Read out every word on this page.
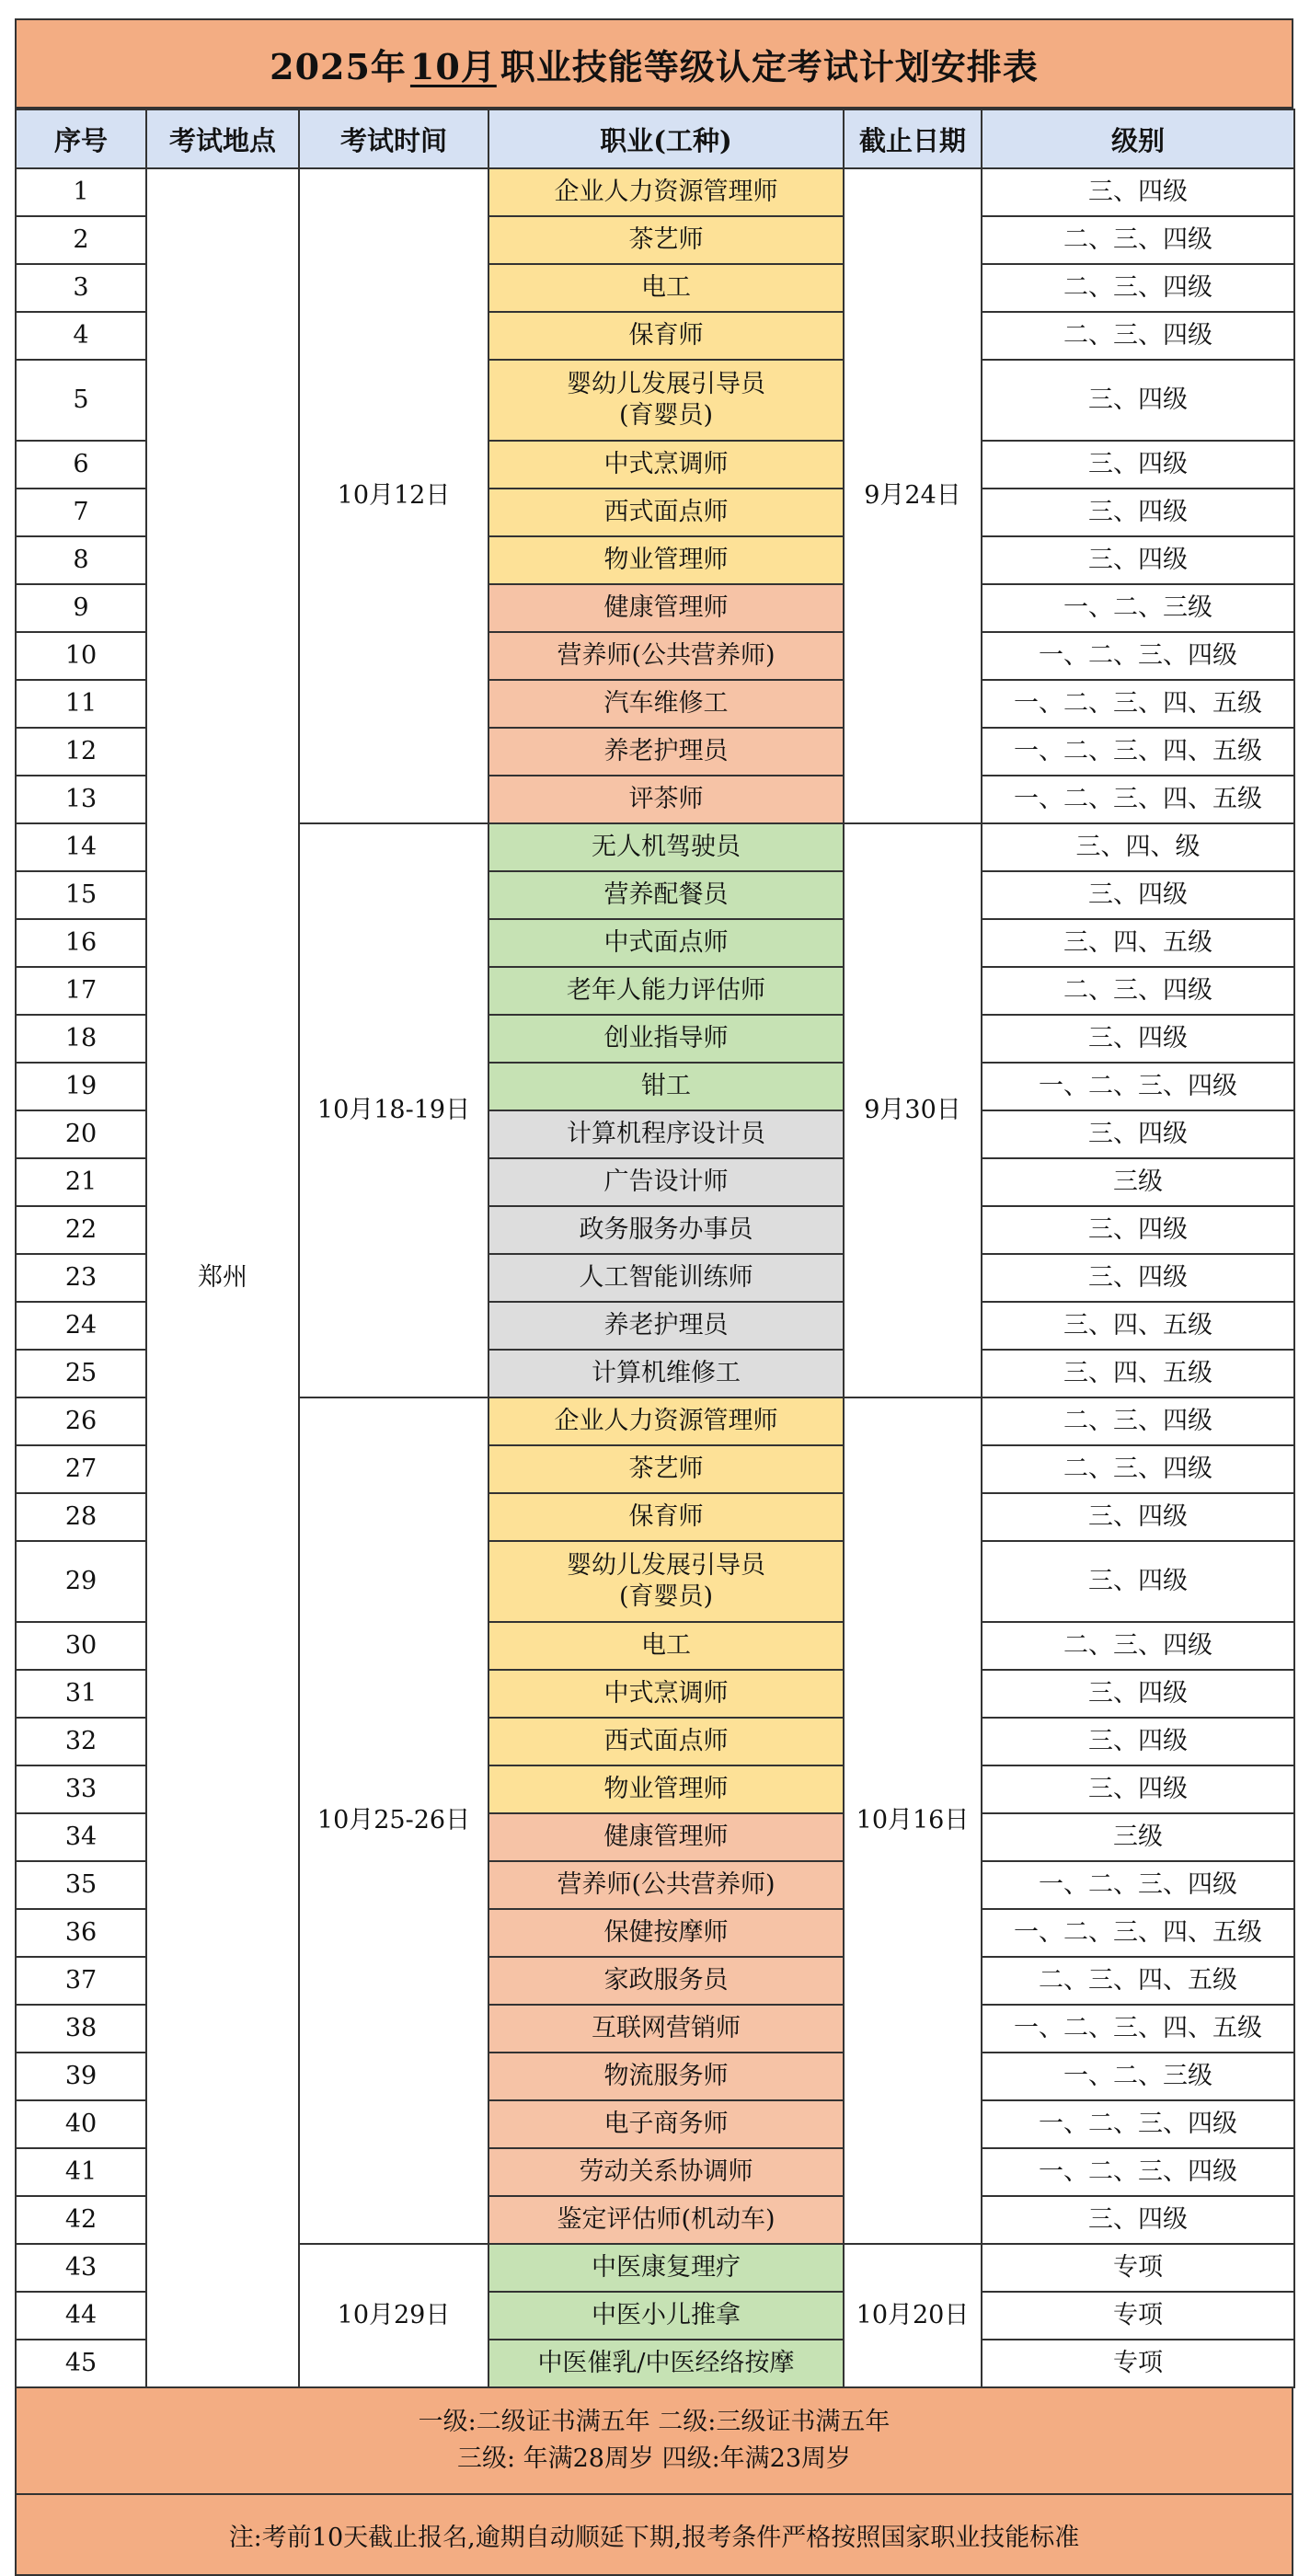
2025年 10月 职业技能等级认定考试计划安排表
序号	考试地点	考试时间	职业(工种)	截止日期	级别
1	郑州	10月12日	企业人力资源管理师	9月24日	三、四级
2			茶艺师		二、三、四级
3			电工		二、三、四级
4			保育师		二、三、四级
5			婴幼儿发展引导员
(育婴员)		三、四级
6			中式烹调师		三、四级
7			西式面点师		三、四级
8			物业管理师		三、四级
9			健康管理师		一、二、三级
10			营养师(公共营养师)		一、二、三、四级
11			汽车维修工		一、二、三、四、五级
12			养老护理员		一、二、三、四、五级
13			评茶师		一、二、三、四、五级
14		10月18-19日	无人机驾驶员	9月30日	三、四、级
15			营养配餐员		三、四级
16			中式面点师		三、四、五级
17			老年人能力评估师		二、三、四级
18			创业指导师		三、四级
19			钳工		一、二、三、四级
20			计算机程序设计员		三、四级
21			广告设计师		三级
22			政务服务办事员		三、四级
23			人工智能训练师		三、四级
24			养老护理员		三、四、五级
25			计算机维修工		三、四、五级
26		10月25-26日	企业人力资源管理师	10月16日	二、三、四级
27			茶艺师		二、三、四级
28			保育师		三、四级
29			婴幼儿发展引导员
(育婴员)		三、四级
30			电工		二、三、四级
31			中式烹调师		三、四级
32			西式面点师		三、四级
33			物业管理师		三、四级
34			健康管理师		三级
35			营养师(公共营养师)		一、二、三、四级
36			保健按摩师		一、二、三、四、五级
37			家政服务员		二、三、四、五级
38			互联网营销师		一、二、三、四、五级
39			物流服务师		一、二、三级
40			电子商务师		一、二、三、四级
41			劳动关系协调师		一、二、三、四级
42			鉴定评估师(机动车)		三、四级
43		10月29日	中医康复理疗	10月20日	专项
44			中医小儿推拿		专项
45			中医催乳/中医经络按摩		专项
一级:二级证书满五年 二级:三级证书满五年
三级: 年满28周岁 四级:年满23周岁
注:考前10天截止报名,逾期自动顺延下期,报考条件严格按照国家职业技能标准
